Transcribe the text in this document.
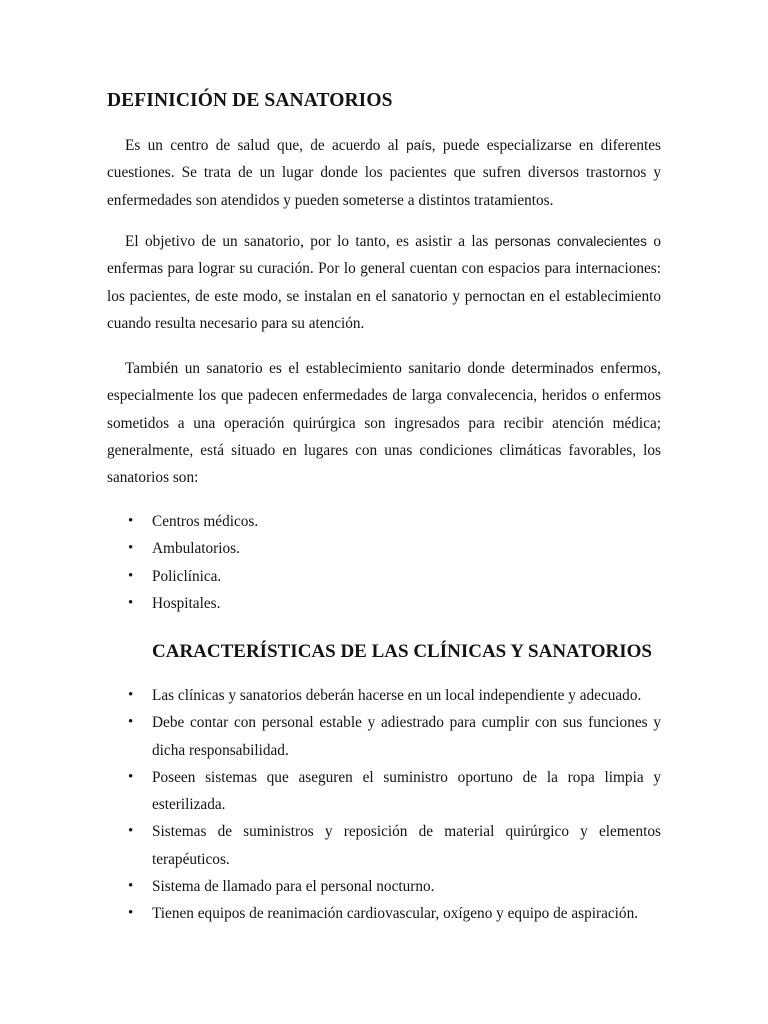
DEFINICIÓN DE SANATORIOS

Es un centro de salud que, de acuerdo al país, puede especializarse en diferentes cuestiones. Se trata de un lugar donde los pacientes que sufren diversos trastornos y enfermedades son atendidos y pueden someterse a distintos tratamientos.

El objetivo de un sanatorio, por lo tanto, es asistir a las personas convalecientes o enfermas para lograr su curación. Por lo general cuentan con espacios para internaciones: los pacientes, de este modo, se instalan en el sanatorio y pernoctan en el establecimiento cuando resulta necesario para su atención.

También un sanatorio es el establecimiento sanitario donde determinados enfermos, especialmente los que padecen enfermedades de larga convalecencia, heridos o enfermos sometidos a una operación quirúrgica son ingresados para recibir atención médica; generalmente, está situado en lugares con unas condiciones climáticas favorables, los sanatorios son:

• Centros médicos.
• Ambulatorios.
• Policlínica.
• Hospitales.
CARACTERÍSTICAS DE LAS CLÍNICAS Y SANATORIOS
• Las clínicas y sanatorios deberán hacerse en un local independiente y adecuado.
• Debe contar con personal estable y adiestrado para cumplir con sus funciones y dicha responsabilidad.
• Poseen sistemas que aseguren el suministro oportuno de la ropa limpia y esterilizada.
• Sistemas de suministros y reposición de material quirúrgico y elementos terapéuticos.
• Sistema de llamado para el personal nocturno.
• Tienen equipos de reanimación cardiovascular, oxígeno y equipo de aspiración.
